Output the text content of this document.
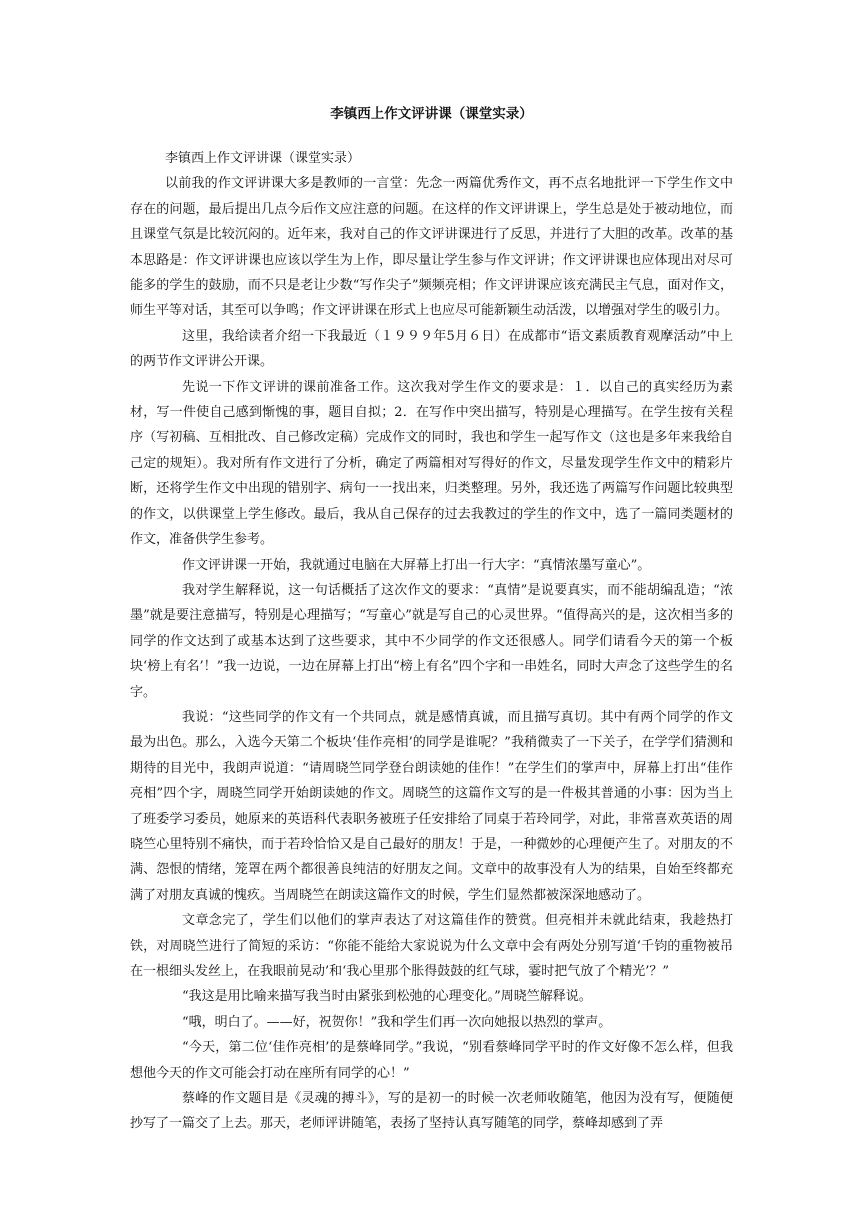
李镇西上作文评讲课（课堂实录）

李镇西上作文评讲课（课堂实录）

以前我的作文评讲课大多是教师的一言堂：先念一两篇优秀作文，再不点名地批评一下学生作文中存在的问题，最后提出几点今后作文应注意的问题。在这样的作文评讲课上，学生总是处于被动地位，而且课堂气氛是比较沉闷的。近年来，我对自己的作文评讲课进行了反思，并进行了大胆的改革。改革的基本思路是：作文评讲课也应该以学生为上作，即尽量让学生参与作文评讲；作文评讲课也应体现出对尽可能多的学生的鼓励，而不只是老让少数“写作尖子”频频亮相；作文评讲课应该充满民主气息，面对作文，师生平等对话，其至可以争鸣；作文评讲课在形式上也应尽可能新颖生动活泼，以增强对学生的吸引力。

这里，我给读者介绍一下我最近（１９９９年5月６日）在成都市“语文素质教育观摩活动”中上的两节作文评讲公开课。

先说一下作文评讲的课前准备工作。这次我对学生作文的要求是：１．以自己的真实经历为素材，写一件使自己感到惭愧的事，题目自拟；2．在写作中突出描写，特别是心理描写。在学生按有关程序（写初稿、互相批改、自己修改定稿）完成作文的同时，我也和学生一起写作文（这也是多年来我给自己定的规矩）。我对所有作文进行了分析，确定了两篇相对写得好的作文，尽量发现学生作文中的精彩片断，还将学生作文中出现的错别字、病句一一找出来，归类整理。另外，我还选了两篇写作问题比较典型的作文，以供课堂上学生修改。最后，我从自己保存的过去我教过的学生的作文中，选了一篇同类题材的作文，准备供学生参考。

作文评讲课一开始，我就通过电脑在大屏幕上打出一行大字：“真情浓墨写童心”。

我对学生解释说，这一句话概括了这次作文的要求：“真情”是说要真实，而不能胡编乱造；“浓墨”就是要注意描写，特别是心理描写；“写童心”就是写自己的心灵世界。“值得高兴的是，这次相当多的同学的作文达到了或基本达到了这些要求，其中不少同学的作文还很感人。同学们请看今天的第一个板块‘榜上有名’！”我一边说，一边在屏幕上打出“榜上有名”四个字和一串姓名，同时大声念了这些学生的名字。

我说：“这些同学的作文有一个共同点，就是感情真诚，而且描写真切。其中有两个同学的作文最为出色。那么，入选今天第二个板块‘佳作亮相’的同学是谁呢？”我稍微卖了一下关子，在学学们猜测和期待的目光中，我朗声说道：“请周晓竺同学登台朗读她的佳作！”在学生们的掌声中，屏幕上打出“佳作亮相”四个字，周晓竺同学开始朗读她的作文。周晓竺的这篇作文写的是一件极其普通的小事：因为当上了班委学习委员，她原来的英语科代表职务被班子任安排给了同桌于若玲同学，对此，非常喜欢英语的周晓竺心里特别不痛快，而于若玲恰恰又是自己最好的朋友！于是，一种微妙的心理便产生了。对朋友的不满、怨恨的情绪，笼罩在两个都很善良纯洁的好朋友之间。文章中的故事没有人为的结果，自始至终都充满了对朋友真诚的愧疚。当周晓竺在朗读这篇作文的时候，学生们显然都被深深地感动了。

文章念完了，学生们以他们的掌声表达了对这篇佳作的赞赏。但亮相并未就此结束，我趁热打铁，对周晓竺进行了简短的采访：“你能不能给大家说说为什么文章中会有两处分别写道‘千钧的重物被吊在一根细头发丝上，在我眼前晃动’和‘我心里那个胀得鼓鼓的红气球，霎时把气放了个精光’？”

“我这是用比喻来描写我当时由紧张到松弛的心理变化。”周晓竺解释说。

“哦，明白了。——好，祝贺你！”我和学生们再一次向她报以热烈的掌声。

“今天，第二位‘佳作亮相’的是蔡峰同学。”我说，“别看蔡峰同学平时的作文好像不怎么样，但我想他今天的作文可能会打动在座所有同学的心！”

蔡峰的作文题目是《灵魂的搏斗》，写的是初一的时候一次老师收随笔，他因为没有写，便随便抄写了一篇交了上去。那天，老师评讲随笔，表扬了坚持认真写随笔的同学，蔡峰却感到了弄
